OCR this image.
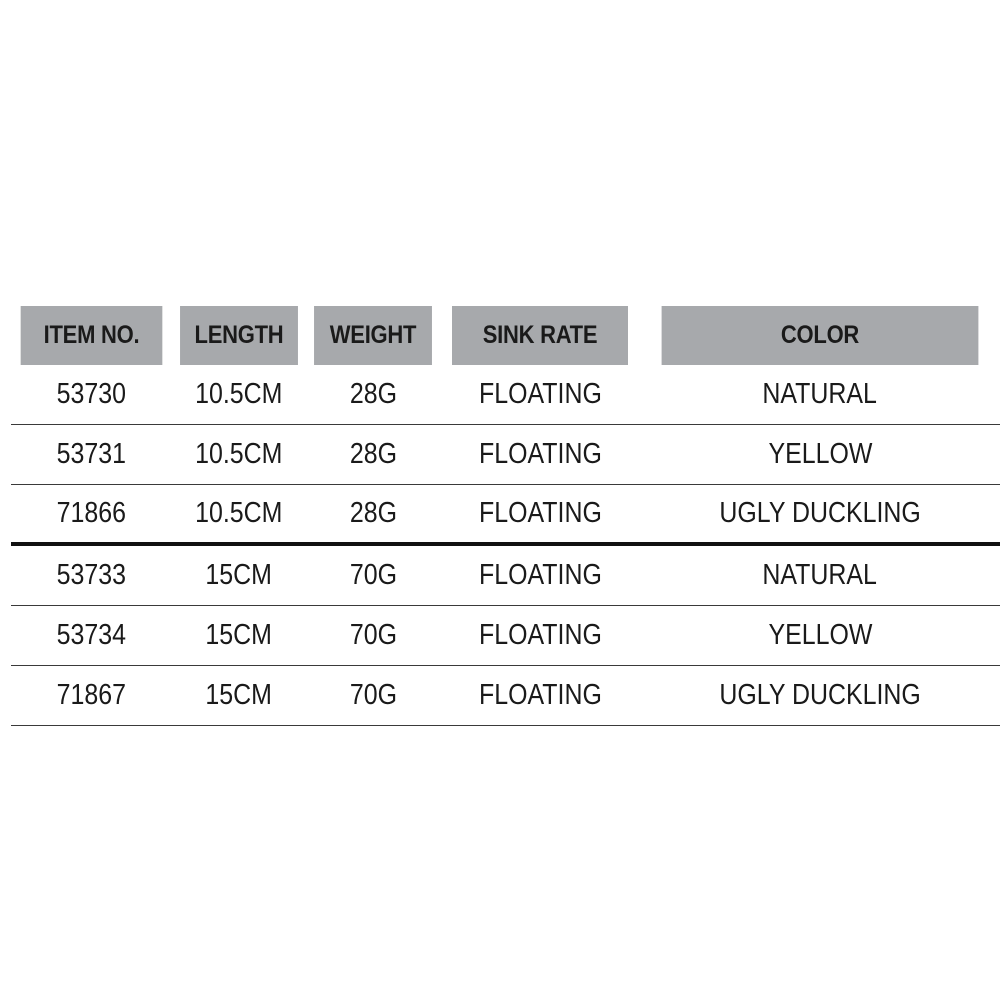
ITEM NO.	LENGTH	WEIGHT	SINK RATE	COLOR
53730	10.5CM	28G	FLOATING	NATURAL
53731	10.5CM	28G	FLOATING	YELLOW
71866	10.5CM	28G	FLOATING	UGLY DUCKLING
53733	15CM	70G	FLOATING	NATURAL
53734	15CM	70G	FLOATING	YELLOW
71867	15CM	70G	FLOATING	UGLY DUCKLING
